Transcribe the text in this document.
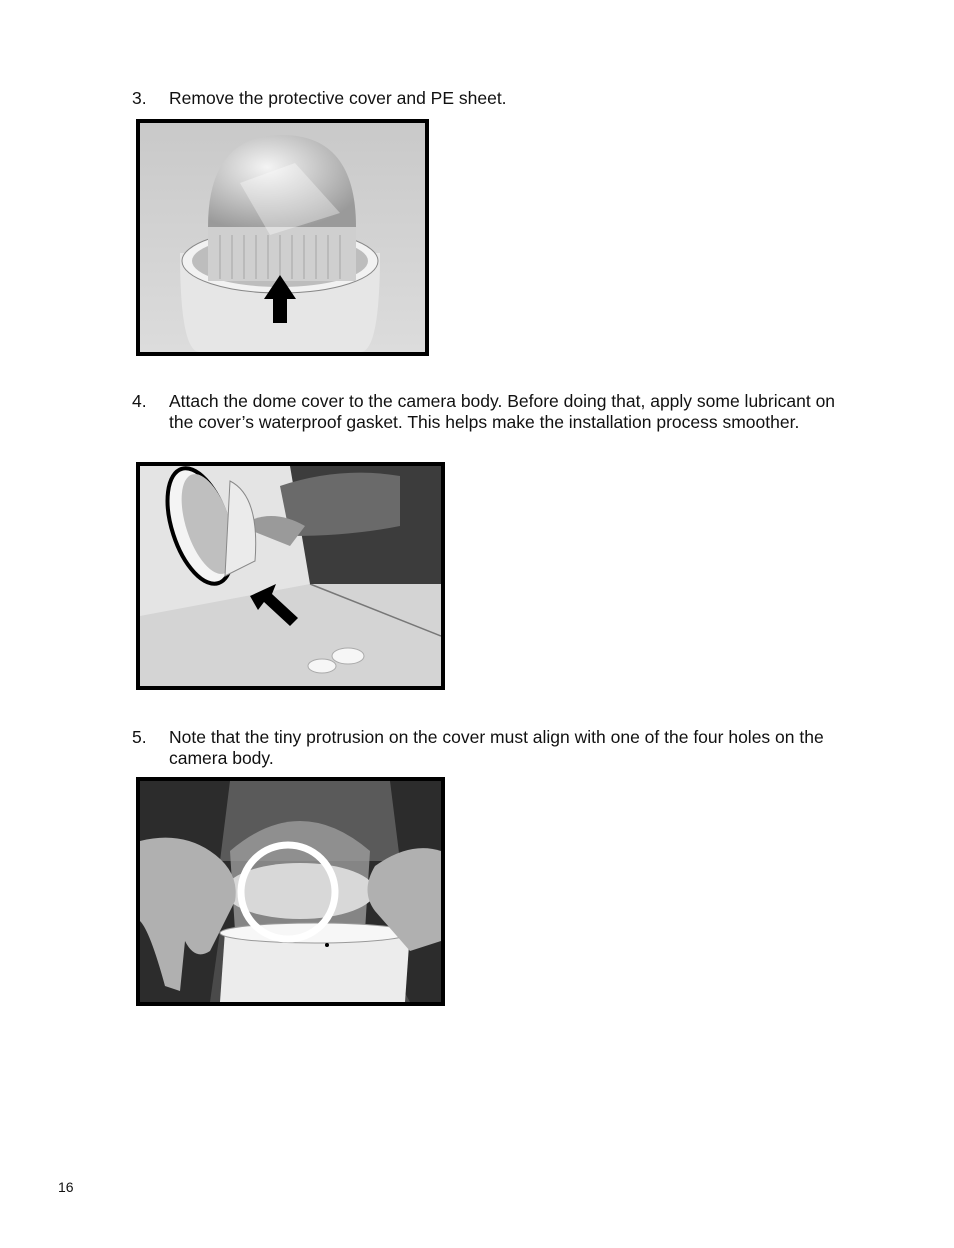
3. Remove the protective cover and PE sheet.
4. Attach the dome cover to the camera body. Before doing that, apply some lubricant on the cover’s waterproof gasket. This helps make the installation process smoother.
5. Note that the tiny protrusion on the cover must align with one of the four holes on the camera body.
16
